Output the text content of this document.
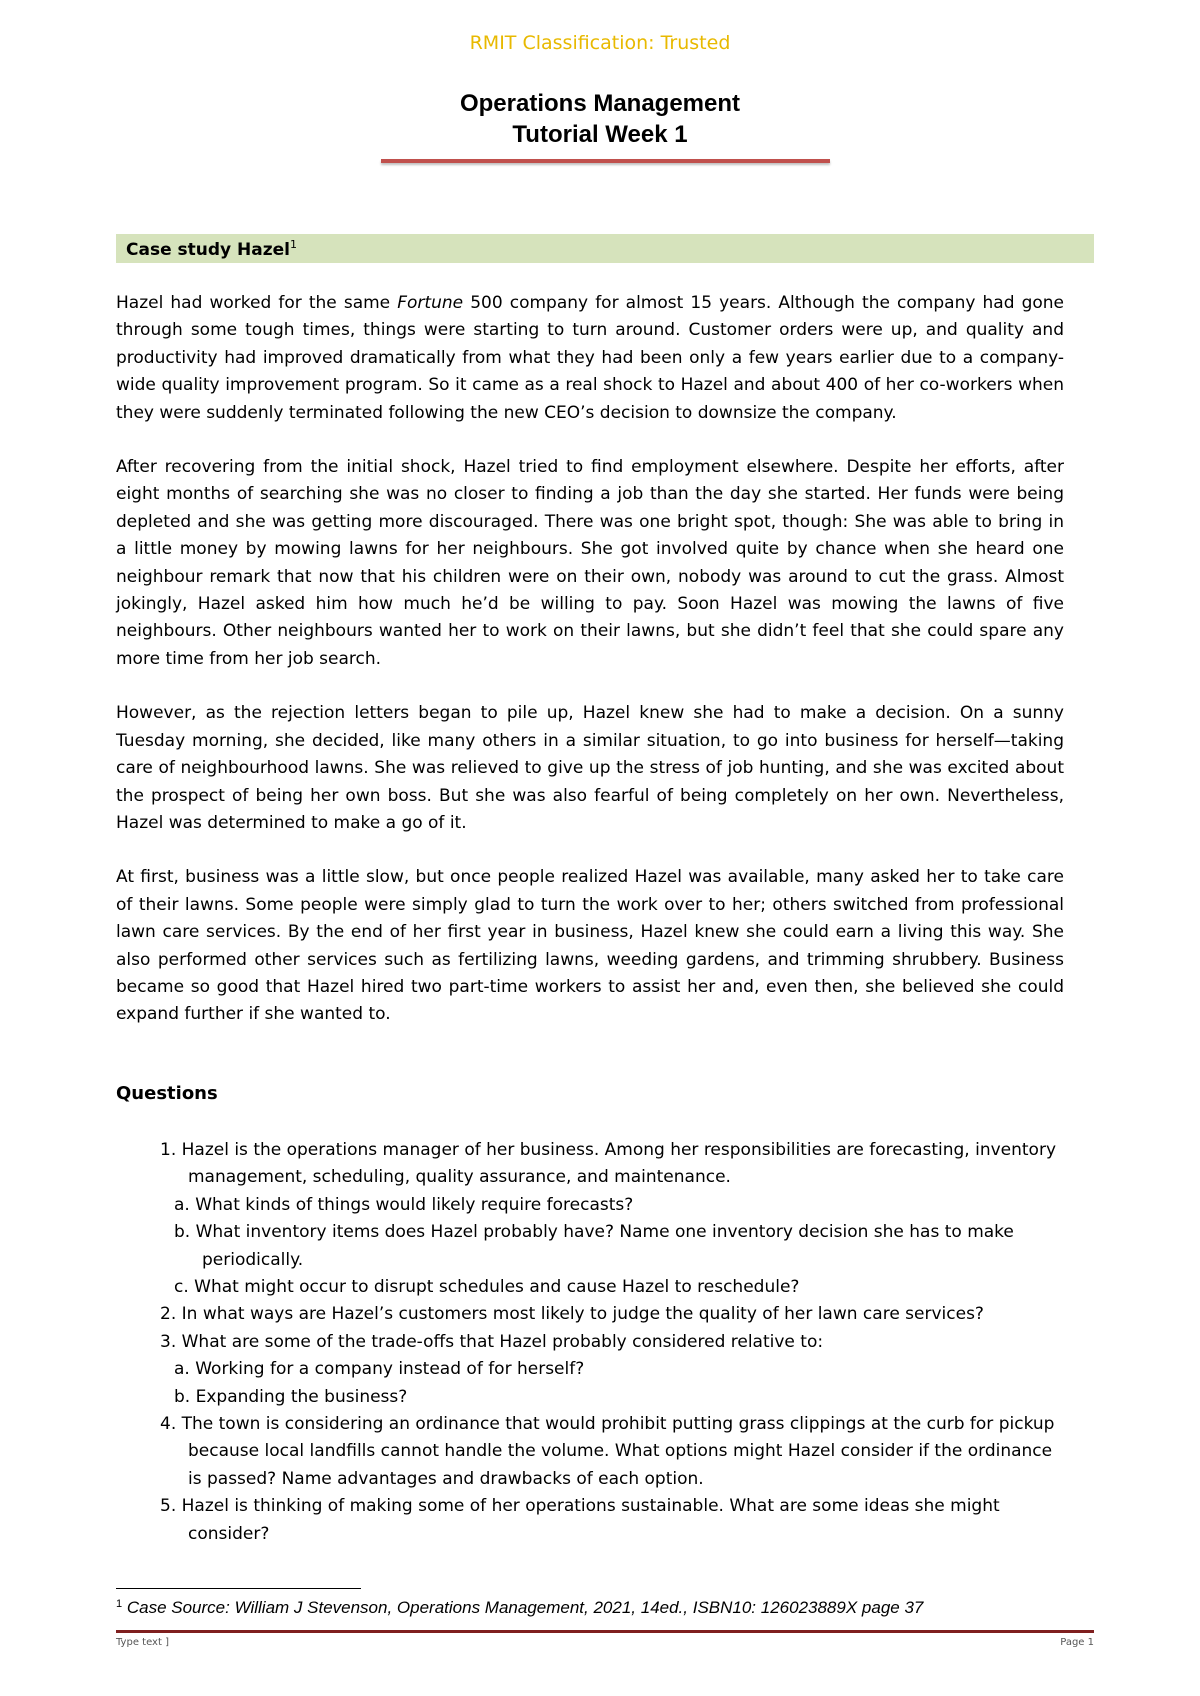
RMIT Classification: Trusted
Operations Management
Tutorial Week 1
Case study Hazel$^1$

Hazel had worked for the same Fortune 500 company for almost 15 years. Although the company had gone through some tough times, things were starting to turn around. Customer orders were up, and quality and productivity had improved dramatically from what they had been only a few years earlier due to a company-wide quality improvement program. So it came as a real shock to Hazel and about 400 of her co-workers when they were suddenly terminated following the new CEO’s decision to downsize the company.

After recovering from the initial shock, Hazel tried to find employment elsewhere. Despite her efforts, after eight months of searching she was no closer to finding a job than the day she started. Her funds were being depleted and she was getting more discouraged. There was one bright spot, though: She was able to bring in a little money by mowing lawns for her neighbours. She got involved quite by chance when she heard one neighbour remark that now that his children were on their own, nobody was around to cut the grass. Almost jokingly, Hazel asked him how much he’d be willing to pay. Soon Hazel was mowing the lawns of five neighbours. Other neighbours wanted her to work on their lawns, but she didn’t feel that she could spare any more time from her job search.

However, as the rejection letters began to pile up, Hazel knew she had to make a decision. On a sunny Tuesday morning, she decided, like many others in a similar situation, to go into business for herself—taking care of neighbourhood lawns. She was relieved to give up the stress of job hunting, and she was excited about the prospect of being her own boss. But she was also fearful of being completely on her own. Nevertheless, Hazel was determined to make a go of it.

At first, business was a little slow, but once people realized Hazel was available, many asked her to take care of their lawns. Some people were simply glad to turn the work over to her; others switched from professional lawn care services. By the end of her first year in business, Hazel knew she could earn a living this way. She also performed other services such as fertilizing lawns, weeding gardens, and trimming shrubbery. Business became so good that Hazel hired two part-time workers to assist her and, even then, she believed she could expand further if she wanted to.

Questions

1. Hazel is the operations manager of her business. Among her responsibilities are forecasting, inventory management, scheduling, quality assurance, and maintenance.

a. What kinds of things would likely require forecasts?

b. What inventory items does Hazel probably have? Name one inventory decision she has to make periodically.

c. What might occur to disrupt schedules and cause Hazel to reschedule?

2. In what ways are Hazel’s customers most likely to judge the quality of her lawn care services?

3. What are some of the trade-offs that Hazel probably considered relative to:

a. Working for a company instead of for herself?

b. Expanding the business?

4. The town is considering an ordinance that would prohibit putting grass clippings at the curb for pickup because local landfills cannot handle the volume. What options might Hazel consider if the ordinance is passed? Name advantages and drawbacks of each option.

5. Hazel is thinking of making some of her operations sustainable. What are some ideas she might consider?

$^1$ Case Source: William J Stevenson, Operations Management, 2021, 14ed., ISBN10: 126023889X page 37
Type text ]	Page 1
